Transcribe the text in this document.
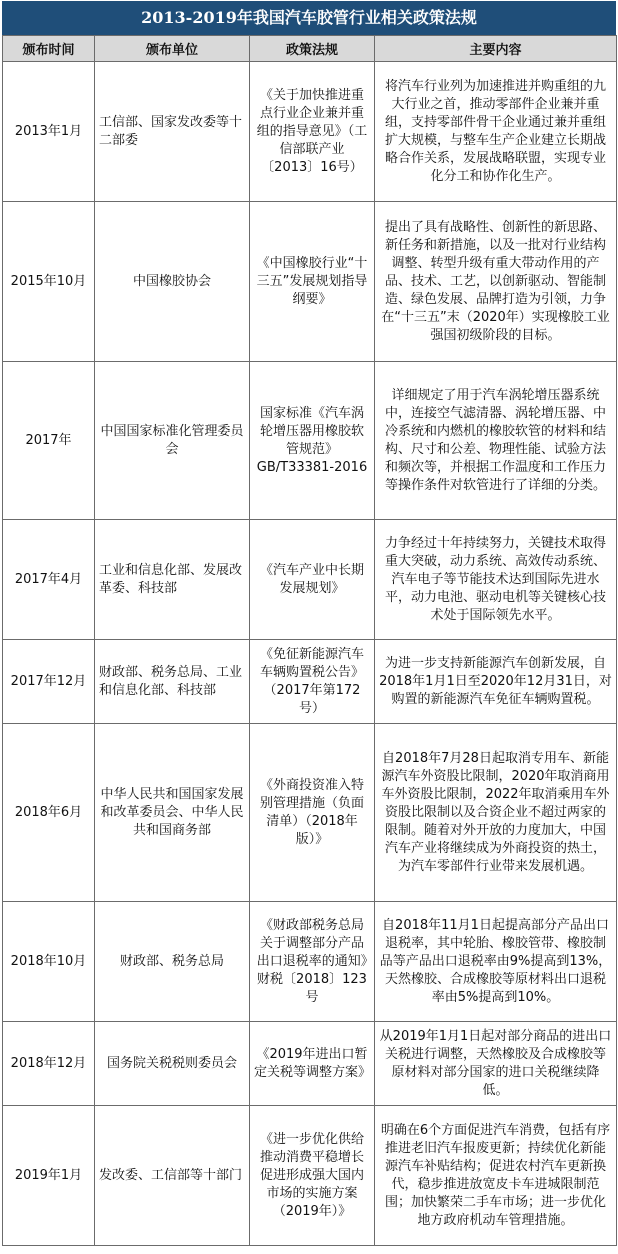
2013-2019年我国汽车胶管行业相关政策法规
颁布时间	颁布单位	政策法规	主要内容
2013年1月	工信部、国家发改委等十二部委	《关于加快推进重点行业企业兼并重组的指导意见》（工信部联产业〔2013〕16号）	将汽车行业列为加速推进并购重组的九大行业之首，推动零部件企业兼并重组，支持零部件骨干企业通过兼并重组扩大规模，与整车生产企业建立长期战略合作关系，发展战略联盟，实现专业化分工和协作化生产。
2015年10月	中国橡胶协会	《中国橡胶行业“十三五”发展规划指导纲要》	提出了具有战略性、创新性的新思路、新任务和新措施，以及一批对行业结构调整、转型升级有重大带动作用的产品、技术、工艺，以创新驱动、智能制造、绿色发展、品牌打造为引领，力争在“十三五”末（2020年）实现橡胶工业强国初级阶段的目标。
2017年	中国国家标准化管理委员会	国家标准《汽车涡轮增压器用橡胶软管规范》GB/T33381-2016	详细规定了用于汽车涡轮增压器系统中，连接空气滤清器、涡轮增压器、中冷系统和内燃机的橡胶软管的材料和结构、尺寸和公差、物理性能、试验方法和频次等，并根据工作温度和工作压力等操作条件对软管进行了详细的分类。
2017年4月	工业和信息化部、发展改革委、科技部	《汽车产业中长期发展规划》	力争经过十年持续努力，关键技术取得重大突破，动力系统、高效传动系统、汽车电子等节能技术达到国际先进水平，动力电池、驱动电机等关键核心技术处于国际领先水平。
2017年12月	财政部、税务总局、工业和信息化部、科技部	《免征新能源汽车车辆购置税公告》（2017年第172号）	为进一步支持新能源汽车创新发展，自2018年1月1日至2020年12月31日，对购置的新能源汽车免征车辆购置税。
2018年6月	中华人民共和国国家发展和改革委员会、中华人民共和国商务部	《外商投资准入特别管理措施（负面清单）（2018年版）》	自2018年7月28日起取消专用车、新能源汽车外资股比限制，2020年取消商用车外资股比限制，2022年取消乘用车外资股比限制以及合资企业不超过两家的限制。随着对外开放的力度加大，中国汽车产业将继续成为外商投资的热土，为汽车零部件行业带来发展机遇。
2018年10月	财政部、税务总局	《财政部税务总局关于调整部分产品出口退税率的通知》财税〔2018〕123号	自2018年11月1日起提高部分产品出口退税率，其中轮胎、橡胶管带、橡胶制品等产品出口退税率由9%提高到13%，天然橡胶、合成橡胶等原材料出口退税率由5%提高到10%。
2018年12月	国务院关税税则委员会	《2019年进出口暂定关税等调整方案》	从2019年1月1日起对部分商品的进出口关税进行调整，天然橡胶及合成橡胶等原材料对部分国家的进口关税继续降低。
2019年1月	发改委、工信部等十部门	《进一步优化供给推动消费平稳增长促进形成强大国内市场的实施方案（2019年）》	明确在6个方面促进汽车消费，包括有序推进老旧汽车报废更新；持续优化新能源汽车补贴结构；促进农村汽车更新换代，稳步推进放宽皮卡车进城限制范围；加快繁荣二手车市场；进一步优化地方政府机动车管理措施。
